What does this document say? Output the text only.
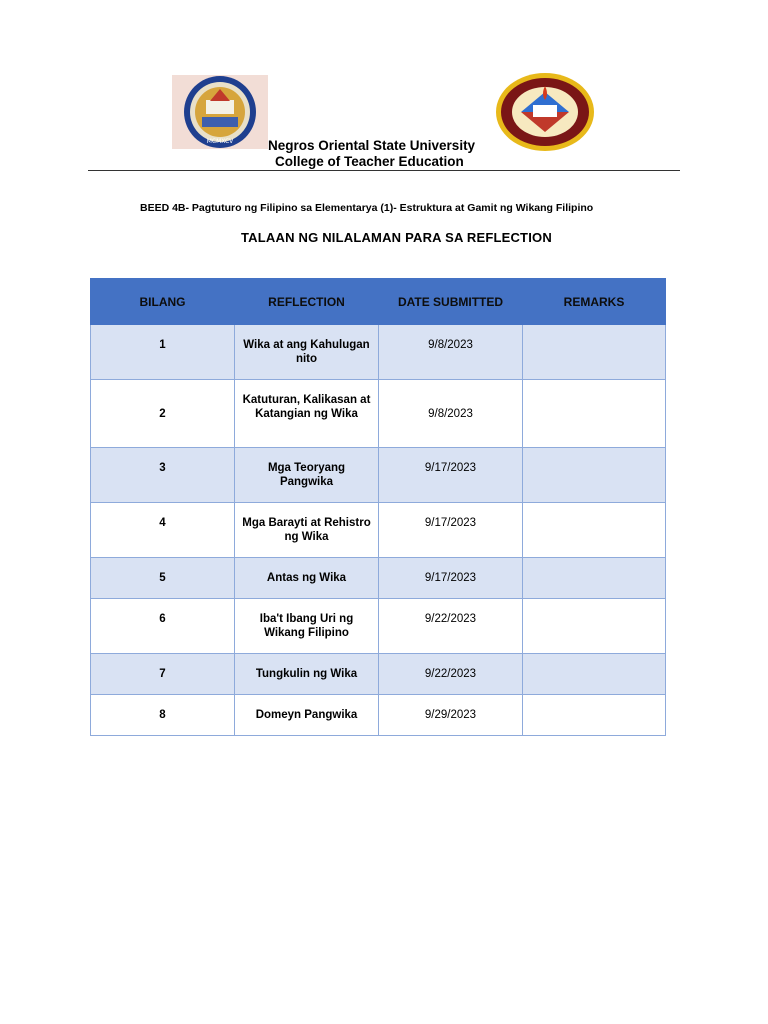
MCMXCV	Negros Oriental State University
College of Teacher Education
BEED 4B- Pagtuturo ng Filipino sa Elementarya (1)- Estruktura at Gamit ng Wikang Filipino
TALAAN NG NILALAMAN PARA SA REFLECTION
BILANG	REFLECTION	DATE SUBMITTED	REMARKS
1	Wika at ang Kahulugan nito	9/8/2023	
2	Katuturan, Kalikasan at Katangian ng Wika	9/8/2023	
3	Mga Teoryang Pangwika	9/17/2023	
4	Mga Barayti at Rehistro ng Wika	9/17/2023	
5	Antas ng Wika	9/17/2023	
6	Iba't Ibang Uri ng Wikang Filipino	9/22/2023	
7	Tungkulin ng Wika	9/22/2023	
8	Domeyn Pangwika	9/29/2023	
